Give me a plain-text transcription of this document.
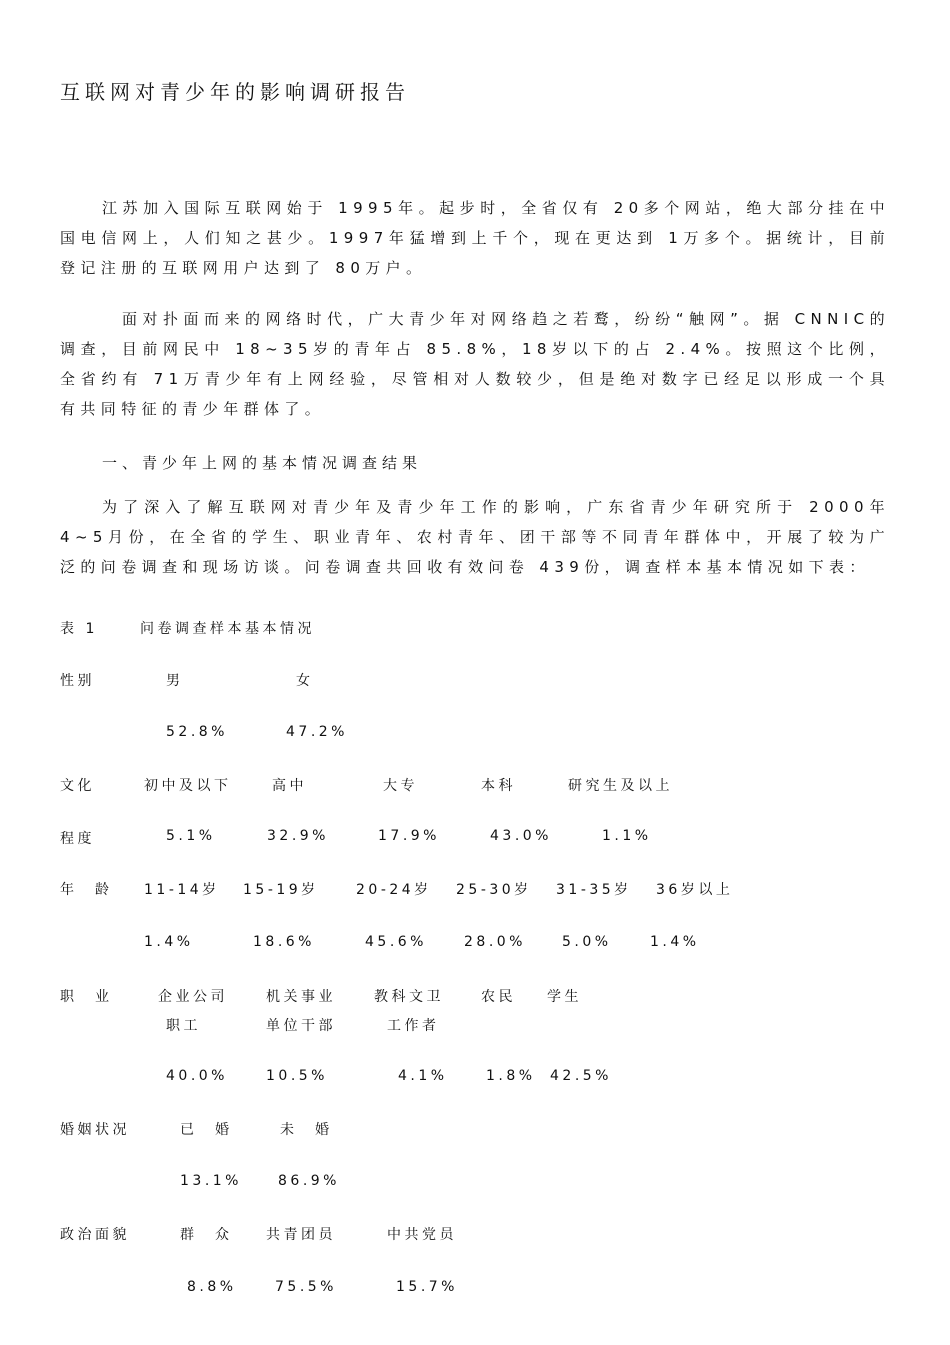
互联网对青少年的影响调研报告

江苏加入国际互联网始于 1995年。起步时，全省仅有 20多个网站，绝大部分挂在中国电信网上，人们知之甚少。1997年猛增到上千个，现在更达到 1万多个。据统计，目前登记注册的互联网用户达到了 80万户。

面对扑面而来的网络时代，广大青少年对网络趋之若鹜，纷纷“触网”。据 CNNIC的调查，目前网民中 18~35岁的青年占 85.8%，18岁以下的占 2.4%。按照这个比例，全省约有 71万青少年有上网经验，尽管相对人数较少，但是绝对数字已经足以形成一个具有共同特征的青少年群体了。

一、青少年上网的基本情况调查结果

为了深入了解互联网对青少年及青少年工作的影响，广东省青少年研究所于 2000年4~5月份，在全省的学生、职业青年、农村青年、团干部等不同青年群体中，开展了较为广泛的问卷调查和现场访谈。问卷调查共回收有效问卷 439份，调查样本基本情况如下表：

表 1	问卷调查样本基本情况
性别	男	女
52.8%	47.2%
文化	初中及以下	高中	大专	本科	研究生及以上
程度	5.1%	32.9%	17.9%	43.0%	1.1%
年　龄 11-14岁 15-19岁	20-24岁 25-30岁 31-35岁 36岁以上
1.4%	18.6%	45.6%	28.0%	5.0%	1.4%
职　业	企业公司	机关事业	教科文卫	农民 学生
职工	单位干部	工作者
40.0%	10.5%	4.1%	1.8% 42.5%
婚姻状况	已　婚	未　婚
13.1%	86.9%
政治面貌	群　众 共青团员	中共党员
8.8%	75.5%	15.7%
